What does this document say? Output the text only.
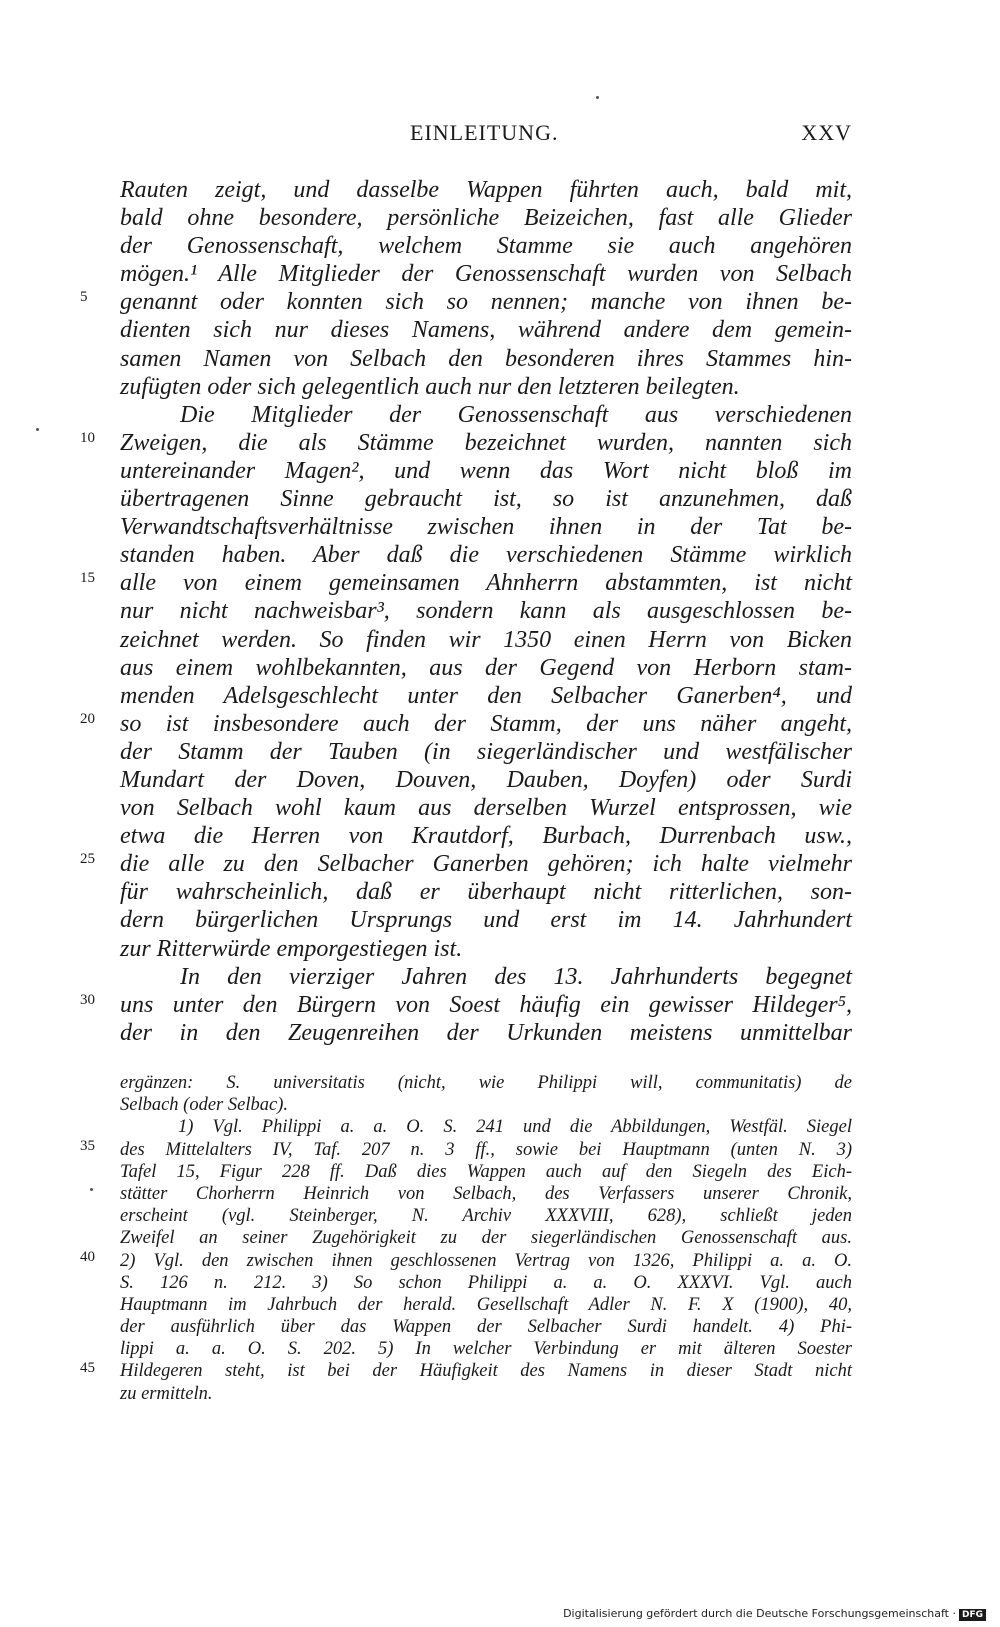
EINLEITUNG.	XXV
Rauten zeigt, und dasselbe Wappen führten auch, bald mit,
bald ohne besondere, persönliche Beizeichen, fast alle Glieder
der Genossenschaft, welchem Stamme sie auch angehören
mögen.¹ Alle Mitglieder der Genossenschaft wurden von Selbach
genannt oder konnten sich so nennen; manche von ihnen be-
dienten sich nur dieses Namens, während andere dem gemein-
samen Namen von Selbach den besonderen ihres Stammes hin-
zufügten oder sich gelegentlich auch nur den letzteren beilegten.
Die Mitglieder der Genossenschaft aus verschiedenen
Zweigen, die als Stämme bezeichnet wurden, nannten sich
untereinander Magen², und wenn das Wort nicht bloß im
übertragenen Sinne gebraucht ist, so ist anzunehmen, daß
Verwandtschaftsverhältnisse zwischen ihnen in der Tat be-
standen haben. Aber daß die verschiedenen Stämme wirklich
alle von einem gemeinsamen Ahnherrn abstammten, ist nicht
nur nicht nachweisbar³, sondern kann als ausgeschlossen be-
zeichnet werden. So finden wir 1350 einen Herrn von Bicken
aus einem wohlbekannten, aus der Gegend von Herborn stam-
menden Adelsgeschlecht unter den Selbacher Ganerben⁴, und
so ist insbesondere auch der Stamm, der uns näher angeht,
der Stamm der Tauben (in siegerländischer und westfälischer
Mundart der Doven, Douven, Dauben, Doyfen) oder Surdi
von Selbach wohl kaum aus derselben Wurzel entsprossen, wie
etwa die Herren von Krautdorf, Burbach, Durrenbach usw.,
die alle zu den Selbacher Ganerben gehören; ich halte vielmehr
für wahrscheinlich, daß er überhaupt nicht ritterlichen, son-
dern bürgerlichen Ursprungs und erst im 14. Jahrhundert
zur Ritterwürde emporgestiegen ist.
In den vierziger Jahren des 13. Jahrhunderts begegnet
uns unter den Bürgern von Soest häufig ein gewisser Hildeger⁵,
der in den Zeugenreihen der Urkunden meistens unmittelbar
5
10
15
20
25
30
ergänzen: S. universitatis (nicht, wie Philippi will, communitatis) de
Selbach (oder Selbac).
1) Vgl. Philippi a. a. O. S. 241 und die Abbildungen, Westfäl. Siegel
des Mittelalters IV, Taf. 207 n. 3 ff., sowie bei Hauptmann (unten N. 3)
Tafel 15, Figur 228 ff. Daß dies Wappen auch auf den Siegeln des Eich-
stätter Chorherrn Heinrich von Selbach, des Verfassers unserer Chronik,
erscheint (vgl. Steinberger, N. Archiv XXXVIII, 628), schließt jeden
Zweifel an seiner Zugehörigkeit zu der siegerländischen Genossenschaft aus.
2) Vgl. den zwischen ihnen geschlossenen Vertrag von 1326, Philippi a. a. O.
S. 126 n. 212. 3) So schon Philippi a. a. O. XXXVI. Vgl. auch
Hauptmann im Jahrbuch der herald. Gesellschaft Adler N. F. X (1900), 40,
der ausführlich über das Wappen der Selbacher Surdi handelt. 4) Phi-
lippi a. a. O. S. 202. 5) In welcher Verbindung er mit älteren Soester
Hildegeren steht, ist bei der Häufigkeit des Namens in dieser Stadt nicht
zu ermitteln.
35
40
45
Digitalisierung gefördert durch die Deutsche Forschungsgemeinschaft · DFG
